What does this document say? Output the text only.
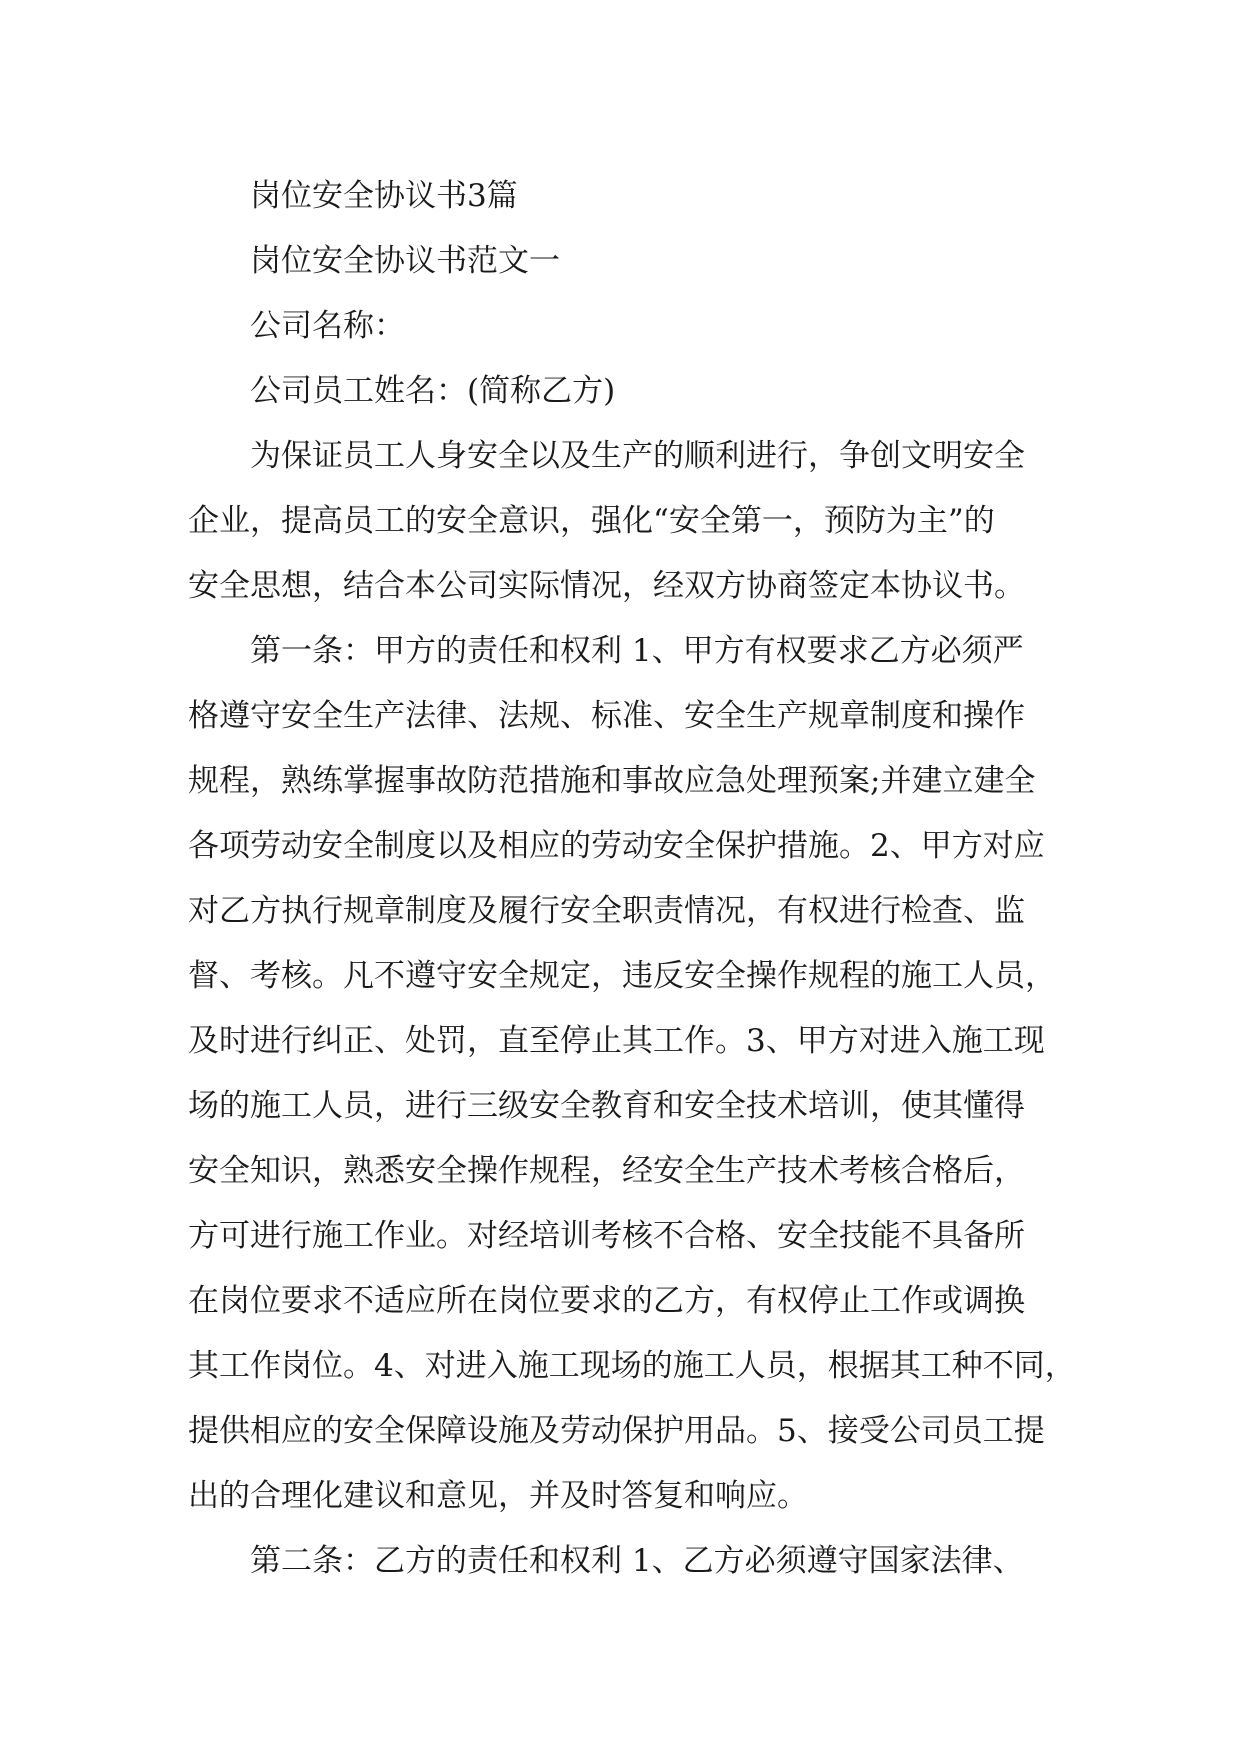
岗位安全协议书3篇

岗位安全协议书范文一

公司名称：

公司员工姓名：(简称乙方)

为保证员工人身安全以及生产的顺利进行，争创文明安全

企业，提高员工的安全意识，强化“安全第一，预防为主”的

安全思想，结合本公司实际情况，经双方协商签定本协议书。

第一条：甲方的责任和权利 1、甲方有权要求乙方必须严

格遵守安全生产法律、法规、标准、安全生产规章制度和操作

规程，熟练掌握事故防范措施和事故应急处理预案;并建立建全

各项劳动安全制度以及相应的劳动安全保护措施。2、甲方对应

对乙方执行规章制度及履行安全职责情况，有权进行检查、监

督、考核。凡不遵守安全规定，违反安全操作规程的施工人员，

及时进行纠正、处罚，直至停止其工作。3、甲方对进入施工现

场的施工人员，进行三级安全教育和安全技术培训，使其懂得

安全知识，熟悉安全操作规程，经安全生产技术考核合格后，

方可进行施工作业。对经培训考核不合格、安全技能不具备所

在岗位要求不适应所在岗位要求的乙方，有权停止工作或调换

其工作岗位。4、对进入施工现场的施工人员，根据其工种不同，

提供相应的安全保障设施及劳动保护用品。5、接受公司员工提

出的合理化建议和意见，并及时答复和响应。

第二条：乙方的责任和权利 1、乙方必须遵守国家法律、
